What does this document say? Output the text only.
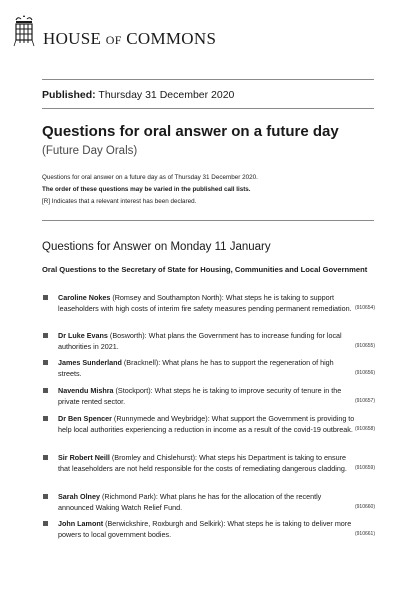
HOUSE OF COMMONS
Published: Thursday 31 December 2020
Questions for oral answer on a future day
(Future Day Orals)
Questions for oral answer on a future day as of Thursday 31 December 2020.
The order of these questions may be varied in the published call lists.
[R] Indicates that a relevant interest has been declared.
Questions for Answer on Monday 11 January
Oral Questions to the Secretary of State for Housing, Communities and Local Government
Caroline Nokes (Romsey and Southampton North): What steps he is taking to support leaseholders with high costs of interim fire safety measures pending permanent remediation. (910654)
Dr Luke Evans (Bosworth): What plans the Government has to increase funding for local authorities in 2021.	(910655)
James Sunderland (Bracknell): What plans he has to support the regeneration of high streets.	(910656)
Navendu Mishra (Stockport): What steps he is taking to improve security of tenure in the private rented sector.	(910657)
Dr Ben Spencer (Runnymede and Weybridge): What support the Government is providing to help local authorities experiencing a reduction in income as a result of the covid-19 outbreak. (910658)
Sir Robert Neill (Bromley and Chislehurst): What steps his Department is taking to ensure that leaseholders are not held responsible for the costs of remediating dangerous cladding. (910659)
Sarah Olney (Richmond Park): What plans he has for the allocation of the recently announced Waking Watch Relief Fund.	(910660)
John Lamont (Berwickshire, Roxburgh and Selkirk): What steps he is taking to deliver more powers to local government bodies.	(910661)
